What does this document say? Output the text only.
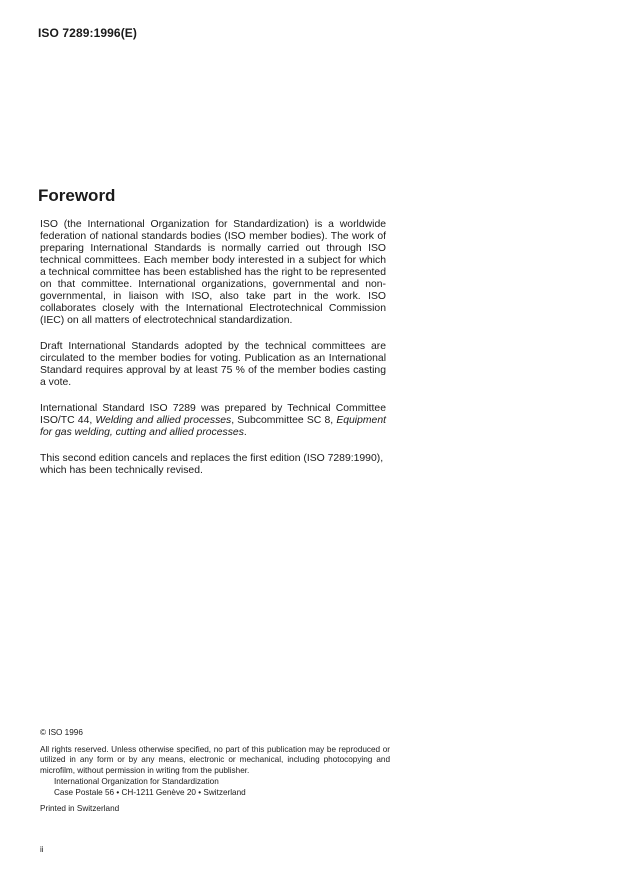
ISO 7289:1996(E)
Foreword

ISO (the International Organization for Standardization) is a worldwide federation of national standards bodies (ISO member bodies). The work of preparing International Standards is normally carried out through ISO technical committees. Each member body interested in a subject for which a technical committee has been established has the right to be represented on that committee. International organizations, governmental and non-governmental, in liaison with ISO, also take part in the work. ISO collaborates closely with the International Electrotechnical Commission (IEC) on all matters of electrotechnical standardization.

Draft International Standards adopted by the technical committees are circulated to the member bodies for voting. Publication as an International Standard requires approval by at least 75 % of the member bodies casting a vote.

International Standard ISO 7289 was prepared by Technical Committee ISO/TC 44, Welding and allied processes, Subcommittee SC 8, Equipment for gas welding, cutting and allied processes.

This second edition cancels and replaces the first edition (ISO 7289:1990), which has been technically revised.

© ISO 1996
All rights reserved. Unless otherwise specified, no part of this publication may be reproduced or utilized in any form or by any means, electronic or mechanical, including photocopying and microfilm, without permission in writing from the publisher.
International Organization for Standardization
Case Postale 56 • CH-1211 Genève 20 • Switzerland
Printed in Switzerland
ii
